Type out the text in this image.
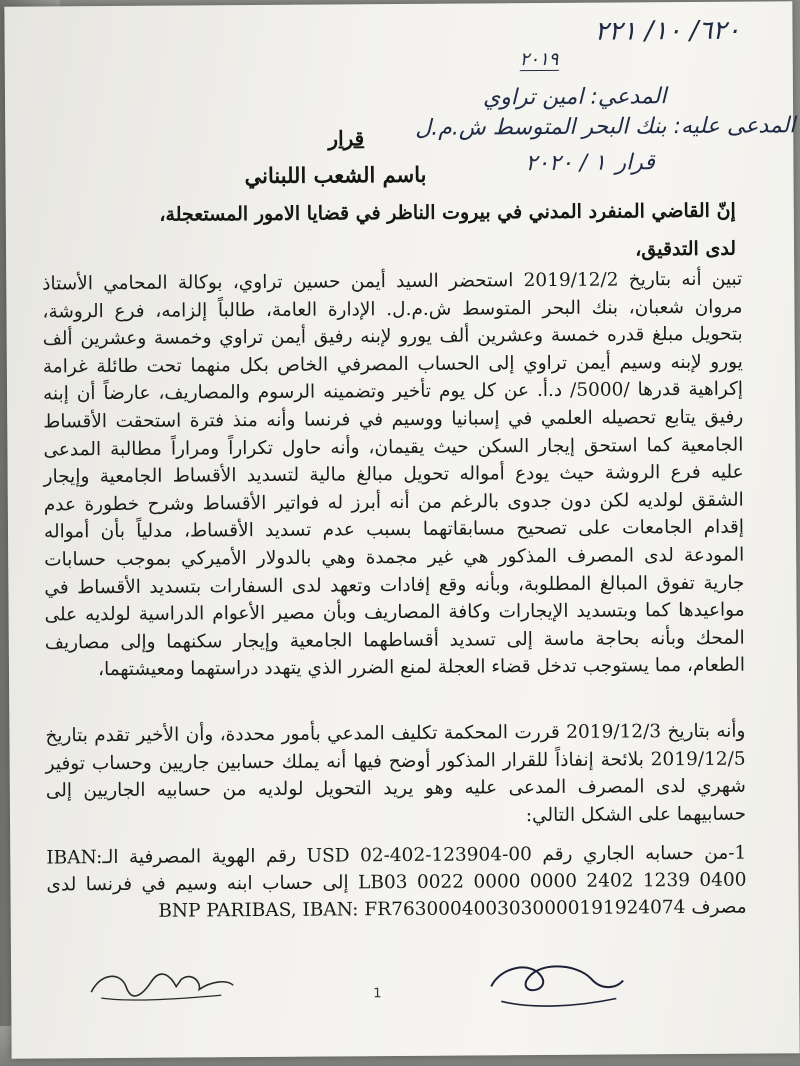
٦٢٠/ ١٠/ ٢٢١
٢٠١٩
المدعي: امين تراوي
المدعى عليه: بنك البحر المتوسط ش.م.ل
قرار
١ / ٢٠٢٠
قرار
باسم الشعب اللبناني
إنّ القاضي المنفرد المدني في بيروت الناظر في قضايا الامور المستعجلة،
لدى التدقيق،
تبين أنه بتاريخ 2019/12/2 استحضر السيد أيمن حسين تراوي، بوكالة المحامي الأستاذ مروان شعبان، بنك البحر المتوسط ش.م.ل. الإدارة العامة، طالباً إلزامه، فرع الروشة، بتحويل مبلغ قدره خمسة وعشرين ألف يورو لإبنه رفيق أيمن تراوي وخمسة وعشرين ألف يورو لإبنه وسيم أيمن تراوي إلى الحساب المصرفي الخاص بكل منهما تحت طائلة غرامة إكراهية قدرها /5000/ د.أ. عن كل يوم تأخير وتضمينه الرسوم والمصاريف، عارضاً أن إبنه رفيق يتابع تحصيله العلمي في إسبانيا ووسيم في فرنسا وأنه منذ فترة استحقت الأقساط الجامعية كما استحق إيجار السكن حيث يقيمان، وأنه حاول تكراراً ومراراً مطالبة المدعى عليه فرع الروشة حيث يودع أمواله تحويل مبالغ مالية لتسديد الأقساط الجامعية وإيجار الشقق لولديه لكن دون جدوى بالرغم من أنه أبرز له فواتير الأقساط وشرح خطورة عدم إقدام الجامعات على تصحيح مسابقاتهما بسبب عدم تسديد الأقساط، مدلياً بأن أمواله المودعة لدى المصرف المذكور هي غير مجمدة وهي بالدولار الأميركي بموجب حسابات جارية تفوق المبالغ المطلوبة، وبأنه وقع إفادات وتعهد لدى السفارات بتسديد الأقساط في مواعيدها كما وبتسديد الإيجارات وكافة المصاريف وبأن مصير الأعوام الدراسية لولديه على المحك وبأنه بحاجة ماسة إلى تسديد أقساطهما الجامعية وإيجار سكنهما وإلى مصاريف الطعام، مما يستوجب تدخل قضاء العجلة لمنع الضرر الذي يتهدد دراستهما ومعيشتهما،
وأنه بتاريخ 2019/12/3 قررت المحكمة تكليف المدعي بأمور محددة، وأن الأخير تقدم بتاريخ 2019/12/5 بلائحة إنفاذاً للقرار المذكور أوضح فيها أنه يملك حسابين جاريين وحساب توفير شهري لدى المصرف المدعى عليه وهو يريد التحويل لولديه من حسابيه الجاريين إلى حسابيهما على الشكل التالي:
1-من حسابه الجاري رقم USD 02-402-123904-00 رقم الهوية المصرفية الـIBAN: LB03 0022 0000 0000 2402 1239 0400 إلى حساب ابنه وسيم في فرنسا لدى مصرف BNP PARIBAS, IBAN: FR7630004003030000191924074
1
